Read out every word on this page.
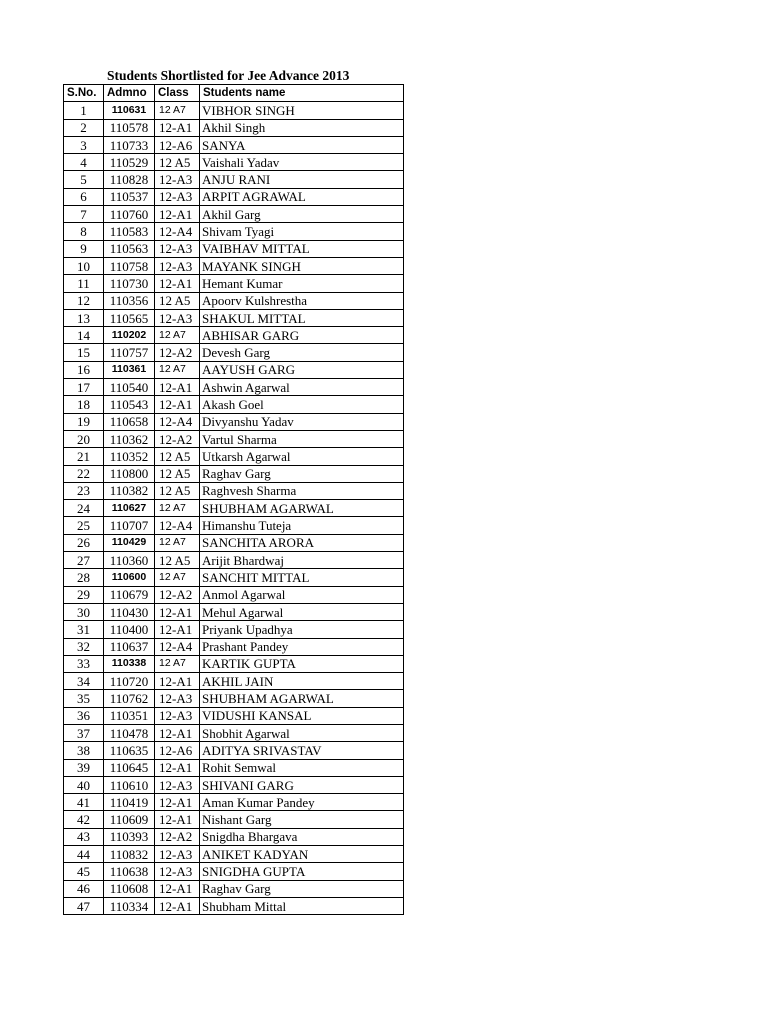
Students Shortlisted for Jee Advance 2013
S.No.	Admno	Class	Students name
1	110631	12 A7	VIBHOR SINGH
2	110578	12-A1	Akhil Singh
3	110733	12-A6	SANYA
4	110529	12 A5	Vaishali Yadav
5	110828	12-A3	ANJU RANI
6	110537	12-A3	ARPIT AGRAWAL
7	110760	12-A1	Akhil Garg
8	110583	12-A4	Shivam Tyagi
9	110563	12-A3	VAIBHAV MITTAL
10	110758	12-A3	MAYANK SINGH
11	110730	12-A1	Hemant Kumar
12	110356	12 A5	Apoorv Kulshrestha
13	110565	12-A3	SHAKUL MITTAL
14	110202	12 A7	ABHISAR GARG
15	110757	12-A2	Devesh Garg
16	110361	12 A7	AAYUSH GARG
17	110540	12-A1	Ashwin Agarwal
18	110543	12-A1	Akash Goel
19	110658	12-A4	Divyanshu Yadav
20	110362	12-A2	Vartul Sharma
21	110352	12 A5	Utkarsh Agarwal
22	110800	12 A5	Raghav Garg
23	110382	12 A5	Raghvesh Sharma
24	110627	12 A7	SHUBHAM AGARWAL
25	110707	12-A4	Himanshu Tuteja
26	110429	12 A7	SANCHITA ARORA
27	110360	12 A5	Arijit Bhardwaj
28	110600	12 A7	SANCHIT MITTAL
29	110679	12-A2	Anmol Agarwal
30	110430	12-A1	Mehul Agarwal
31	110400	12-A1	Priyank Upadhya
32	110637	12-A4	Prashant Pandey
33	110338	12 A7	KARTIK GUPTA
34	110720	12-A1	AKHIL JAIN
35	110762	12-A3	SHUBHAM AGARWAL
36	110351	12-A3	VIDUSHI KANSAL
37	110478	12-A1	Shobhit Agarwal
38	110635	12-A6	ADITYA SRIVASTAV
39	110645	12-A1	Rohit Semwal
40	110610	12-A3	SHIVANI GARG
41	110419	12-A1	Aman Kumar Pandey
42	110609	12-A1	Nishant Garg
43	110393	12-A2	Snigdha Bhargava
44	110832	12-A3	ANIKET KADYAN
45	110638	12-A3	SNIGDHA GUPTA
46	110608	12-A1	Raghav Garg
47	110334	12-A1	Shubham Mittal
